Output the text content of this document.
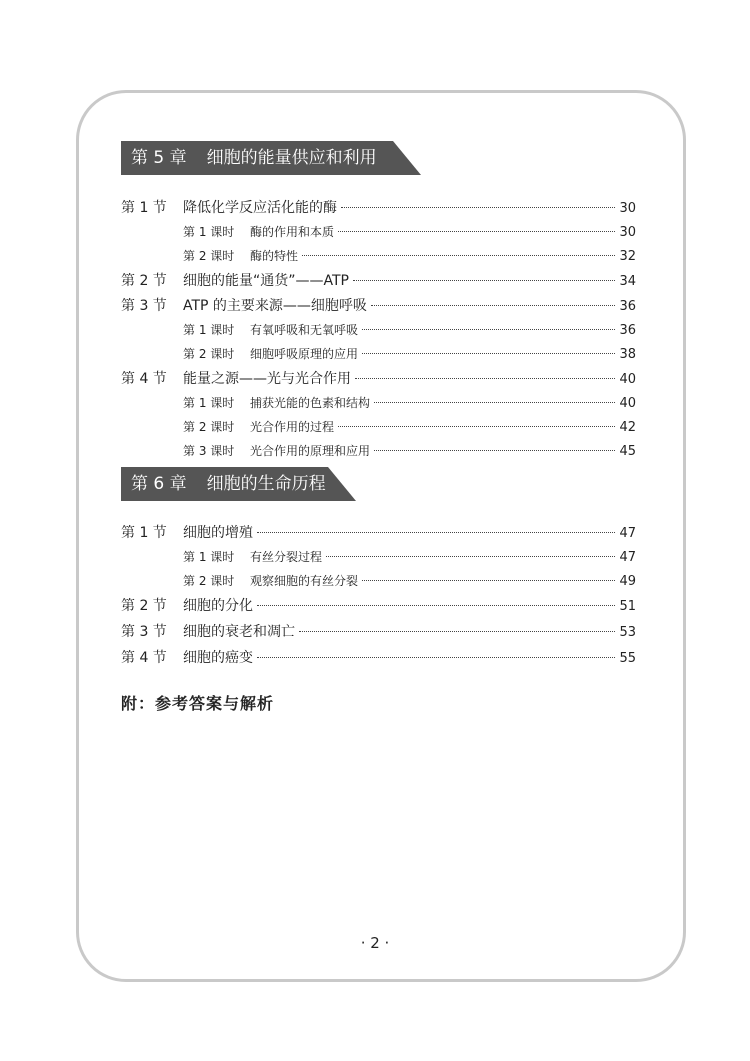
第 5 章 细胞的能量供应和利用
第 1 节 降低化学反应活化能的酶	30
第 1 课时 酶的作用和本质	30
第 2 课时 酶的特性	32
第 2 节 细胞的能量“通货”——ATP	34
第 3 节 ATP 的主要来源——细胞呼吸	36
第 1 课时 有氧呼吸和无氧呼吸	36
第 2 课时 细胞呼吸原理的应用	38
第 4 节 能量之源——光与光合作用	40
第 1 课时 捕获光能的色素和结构	40
第 2 课时 光合作用的过程	42
第 3 课时 光合作用的原理和应用	45
第 6 章 细胞的生命历程
第 1 节 细胞的增殖	47
第 1 课时 有丝分裂过程	47
第 2 课时 观察细胞的有丝分裂	49
第 2 节 细胞的分化	51
第 3 节 细胞的衰老和凋亡	53
第 4 节 细胞的癌变	55
附：参考答案与解析
· 2 ·
